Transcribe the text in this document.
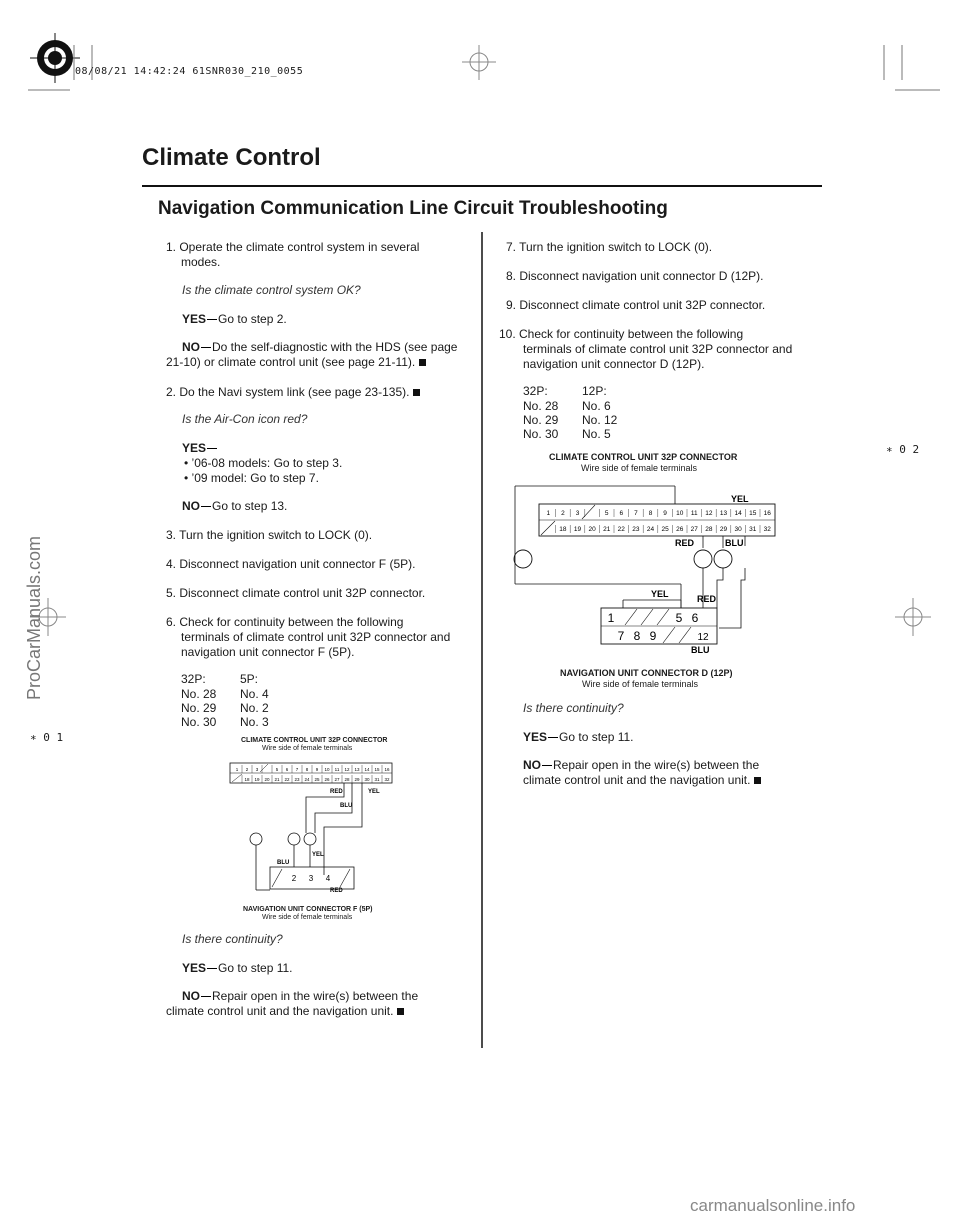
08/08/21 14:42:24 61SNR030_210_0055
Climate Control
Navigation Communication Line Circuit Troubleshooting
ProCarManuals.com
∗ 0 1
∗ 0 2
1. Operate the climate control system in several
modes.
Is the climate control system OK?
YES Go to step 2.
NO Do the self-diagnostic with the HDS (see page
21-10) or climate control unit (see page 21-11).
2. Do the Navi system link (see page 23-135).
Is the Air-Con icon red?
YES
• ’06-08 models: Go to step 3.
• ’09 model: Go to step 7.
NO Go to step 13.
3. Turn the ignition switch to LOCK (0).
4. Disconnect navigation unit connector F (5P).
5. Disconnect climate control unit 32P connector.
6. Check for continuity between the following
terminals of climate control unit 32P connector and
navigation unit connector F (5P).
32P:	5P:
No. 28 No. 4
No. 29 No. 2
No. 30 No. 3
Is there continuity?
YES Go to step 11.
NO Repair open in the wire(s) between the
climate control unit and the navigation unit.
CLIMATE CONTROL UNIT 32P CONNECTOR
Wire side of female terminals
1 2 3	5 6 7 8 9 10 11 12 13 14 15 16
18 19 20 21 22 23 24 25 26 27 28 29 30 31 32
RED
BLU
YEL
YEL
BLU
RED
2 3 4
NAVIGATION UNIT CONNECTOR F (5P)
Wire side of female terminals
7. Turn the ignition switch to LOCK (0).
8. Disconnect navigation unit connector D (12P).
9. Disconnect climate control unit 32P connector.
10. Check for continuity between the following
terminals of climate control unit 32P connector and
navigation unit connector D (12P).
32P:	12P:
No. 28 No. 6
No. 29 No. 12
No. 30 No. 5
Is there continuity?
YES Go to step 11.
NO Repair open in the wire(s) between the
climate control unit and the navigation unit.
CLIMATE CONTROL UNIT 32P CONNECTOR
Wire side of female terminals
1 2 3	5 6 7 8 9 10 11 12 13 14 15 16
18 19 20 21 22 23 24 25 26 27 28 29 30 31 32
YEL
RED	BLU
YEL	RED
BLU
1	5 6
7 8 9	12
NAVIGATION UNIT CONNECTOR D (12P)
Wire side of female terminals
carmanualsonline.info
